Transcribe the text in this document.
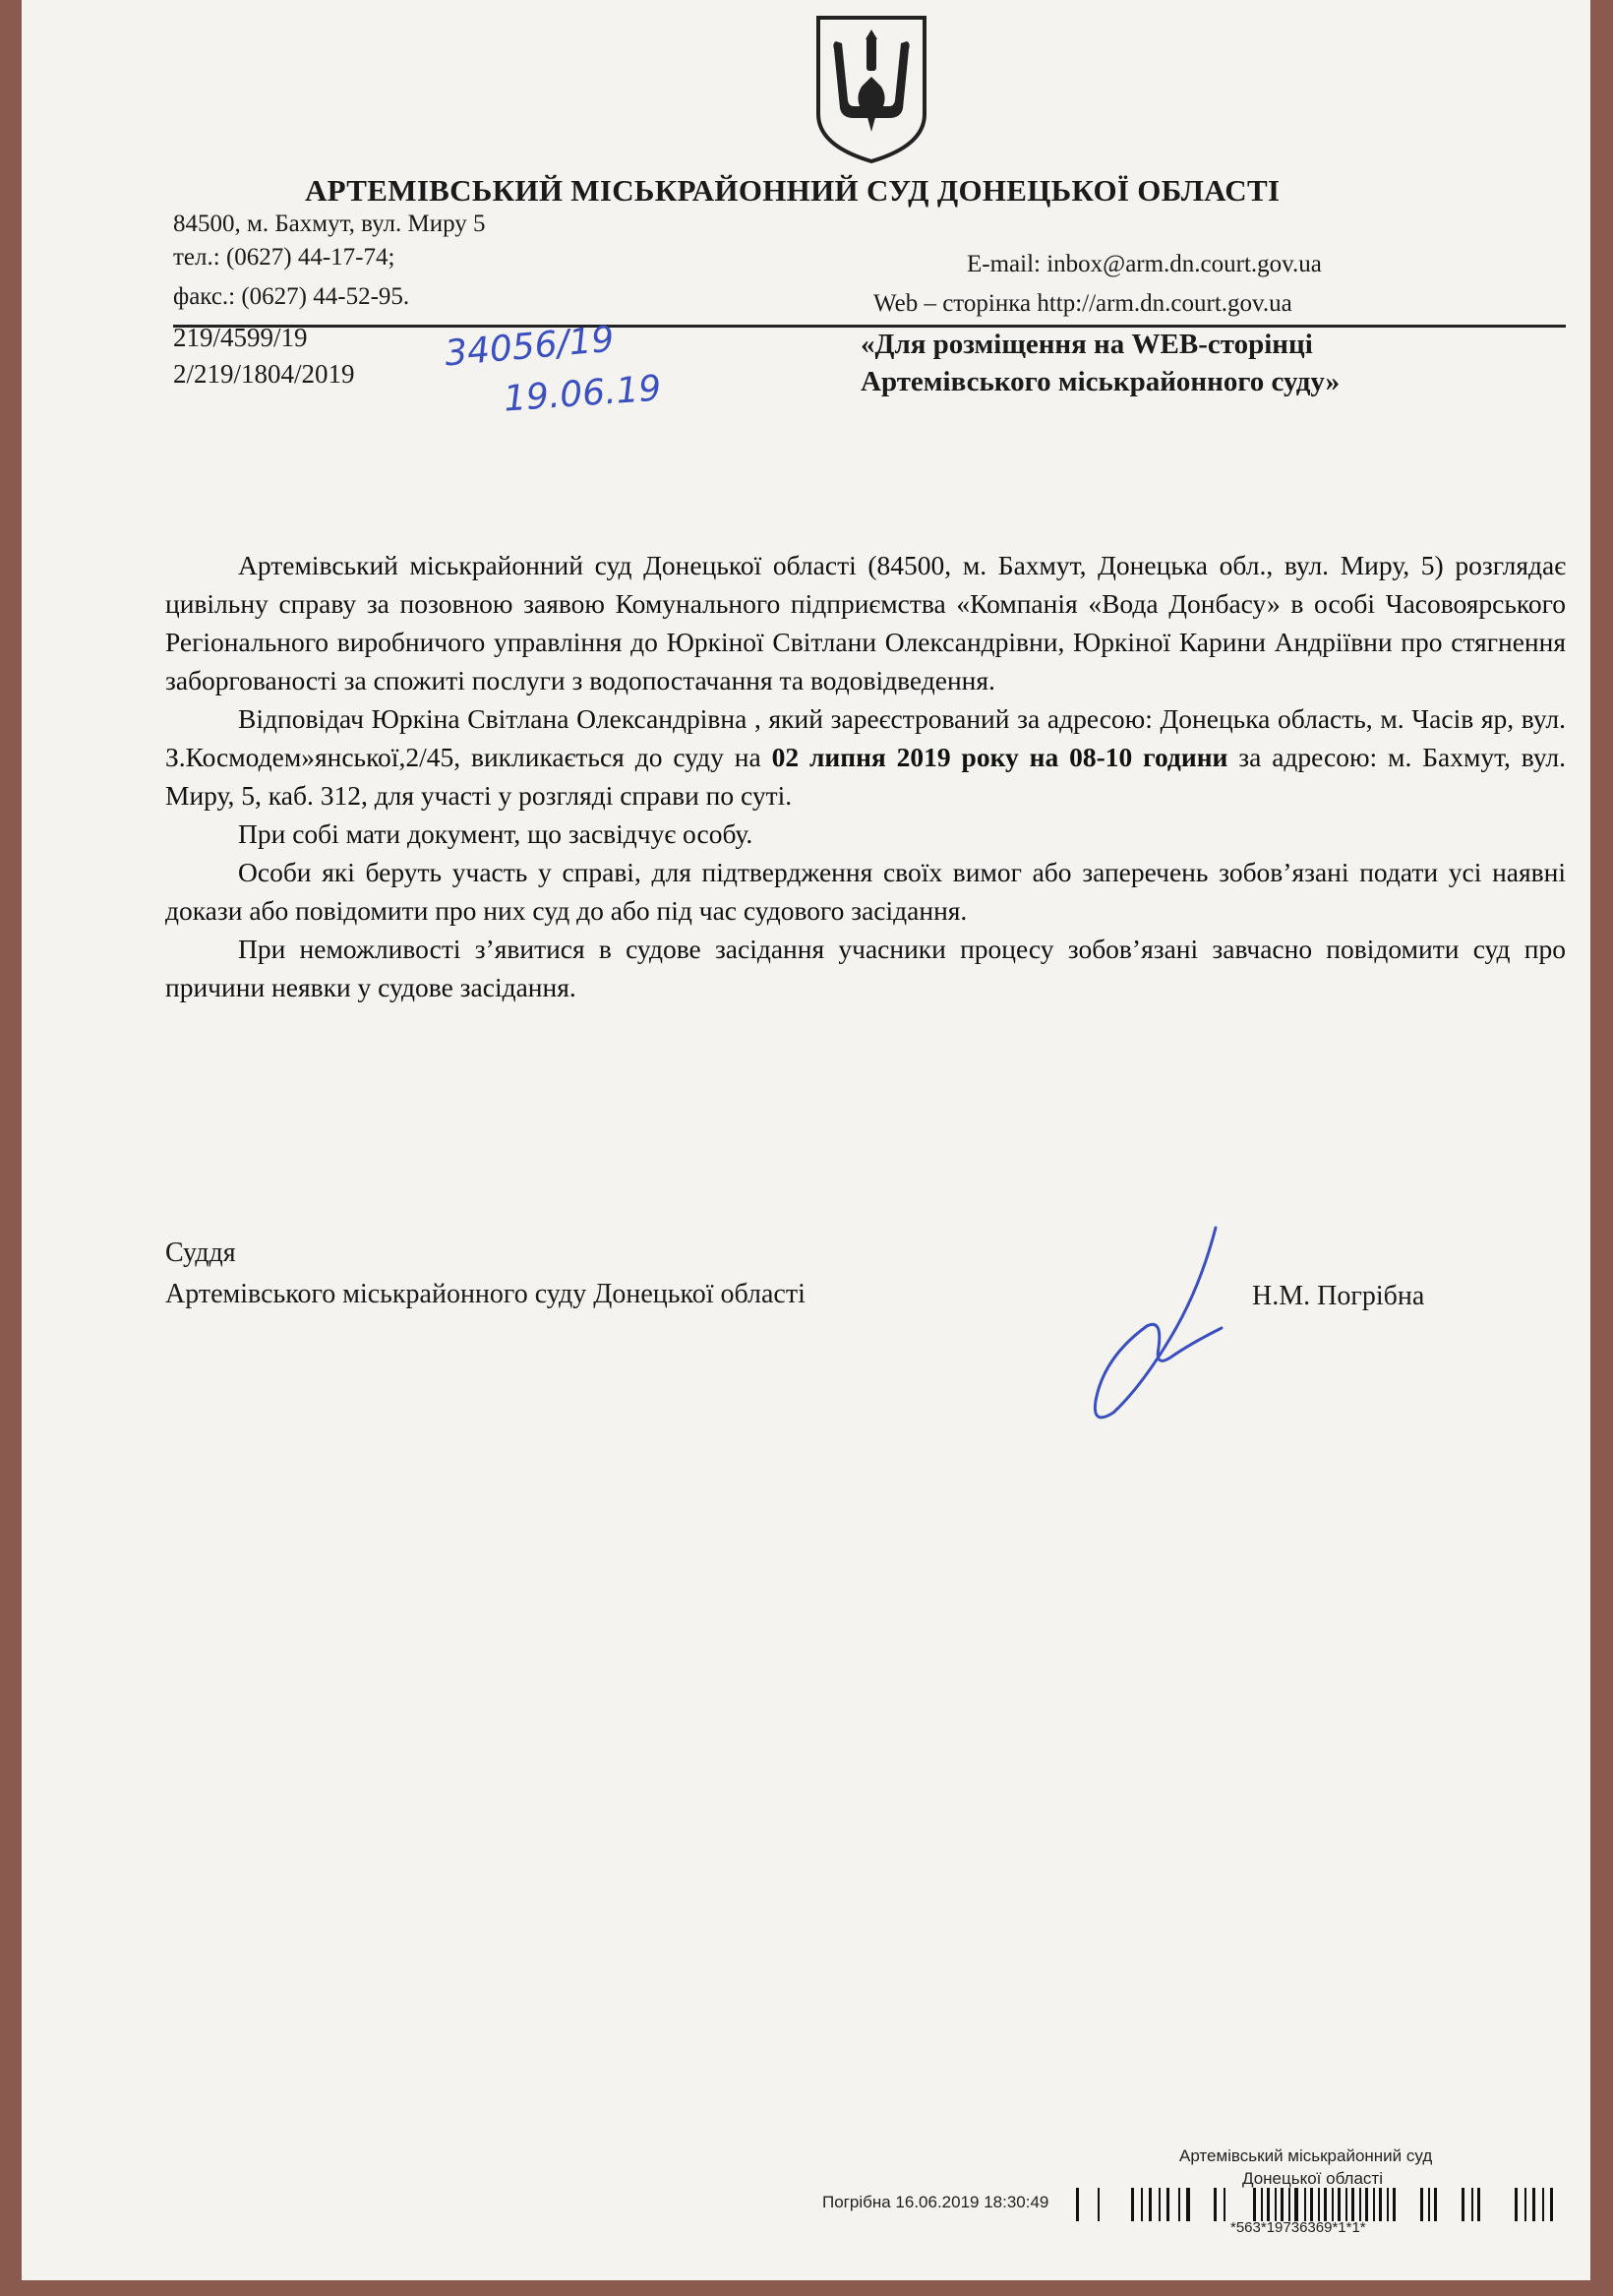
АРТЕМІВСЬКИЙ МІСЬКРАЙОННИЙ СУД ДОНЕЦЬКОЇ ОБЛАСТІ
84500, м. Бахмут, вул. Миру 5
тел.: (0627) 44-17-74;
факс.: (0627) 44-52-95.
E-mail: inbox@arm.dn.court.gov.ua
Web – сторінка http://arm.dn.court.gov.ua
219/4599/19
2/219/1804/2019	34056/19
19.06.19
«Для розміщення на WEB-сторінці
Артемівського міськрайонного суду»

Артемівський міськрайонний суд Донецької області (84500, м. Бахмут, Донецька обл., вул. Миру, 5) розглядає цивільну справу за позовною заявою Комунального підприємства «Компанія «Вода Донбасу» в особі Часовоярського Регіонального виробничого управління до Юркіної Світлани Олександрівни, Юркіної Карини Андріївни про стягнення заборгованості за спожиті послуги з водопостачання та водовідведення.

Відповідач Юркіна Світлана Олександрівна , який зареєстрований за адресою: Донецька область, м. Часів яр, вул. З.Космодем»янської,2/45, викликається до суду на 02 липня 2019 року на 08-10 години за адресою: м. Бахмут, вул. Миру, 5, каб. 312, для участі у розгляді справи по суті.

При собі мати документ, що засвідчує особу.

Особи які беруть участь у справі, для підтвердження своїх вимог або заперечень зобов’язані подати усі наявні докази або повідомити про них суд до або під час судового засідання.

При неможливості з’явитися в судове засідання учасники процесу зобов’язані завчасно повідомити суд про причини неявки у судове засідання.

Суддя
Артемівського міськрайонного суду Донецької області	Н.М. Погрібна
Артемівський міськрайонний суд
Донецької області
Погрібна 16.06.2019 18:30:49
*563*19736369*1*1*
